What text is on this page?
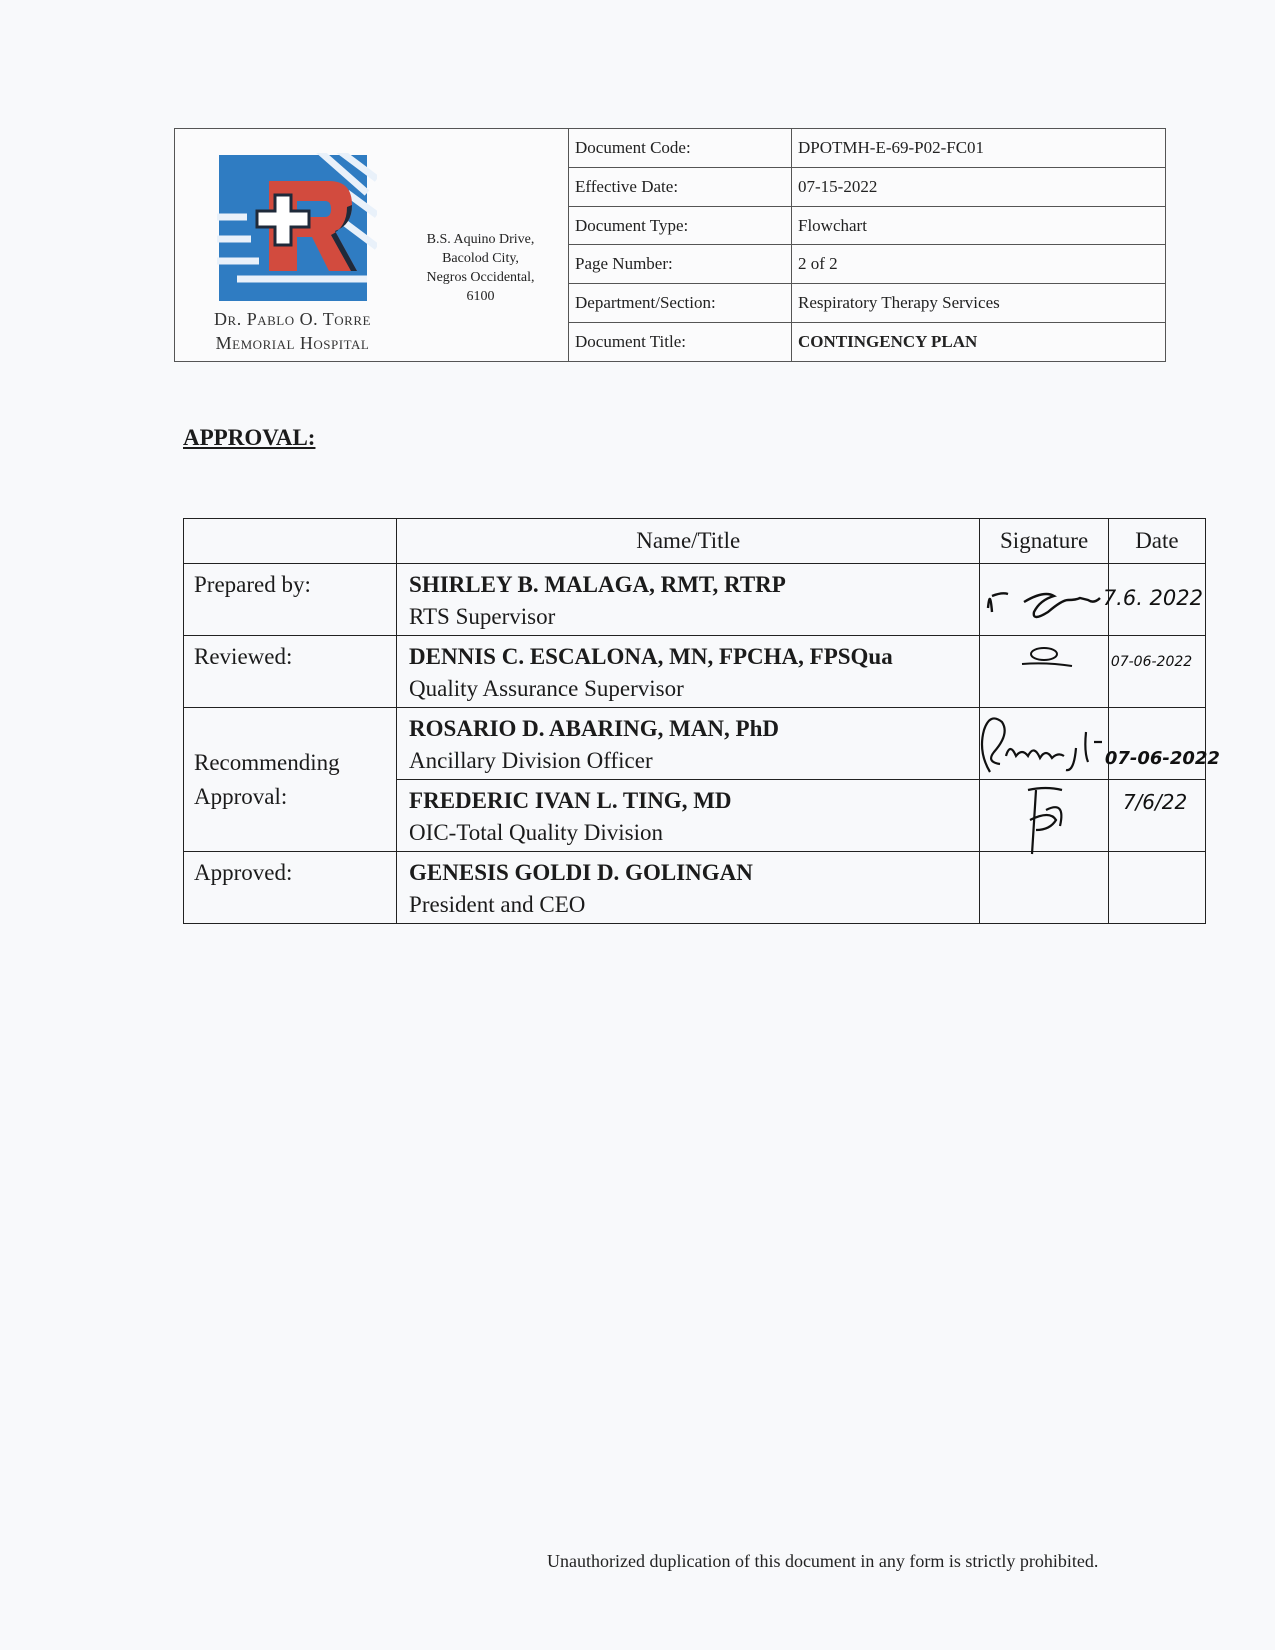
Dr. Pablo O. Torre
Memorial Hospital
B.S. Aquino Drive,
Bacolod City,
Negros Occidental,
6100
Document Code:	DPOTMH-E-69-P02-FC01
Effective Date:	07-15-2022
Document Type:	Flowchart
Page Number:	2 of 2
Department/Section:	Respiratory Therapy Services
Document Title:	CONTINGENCY PLAN
APPROVAL:
	Name/Title	Signature	Date
Prepared by:	SHIRLEY B. MALAGA, RMT, RTRP
RTS Supervisor		7.6. 2022

Reviewed:	DENNIS C. ESCALONA, MN, FPCHA, FPSQua
Quality Assurance Supervisor		07-06-2022

Recommending Approval:	ROSARIO D. ABARING, MAN, PhD
Ancillary Division Officer		07-06-2022

	FREDERIC IVAN L. TING, MD
OIC-Total Quality Division		7/6/22

Approved:	GENESIS GOLDI D. GOLINGAN
President and CEO		

Unauthorized duplication of this document in any form is strictly prohibited.
